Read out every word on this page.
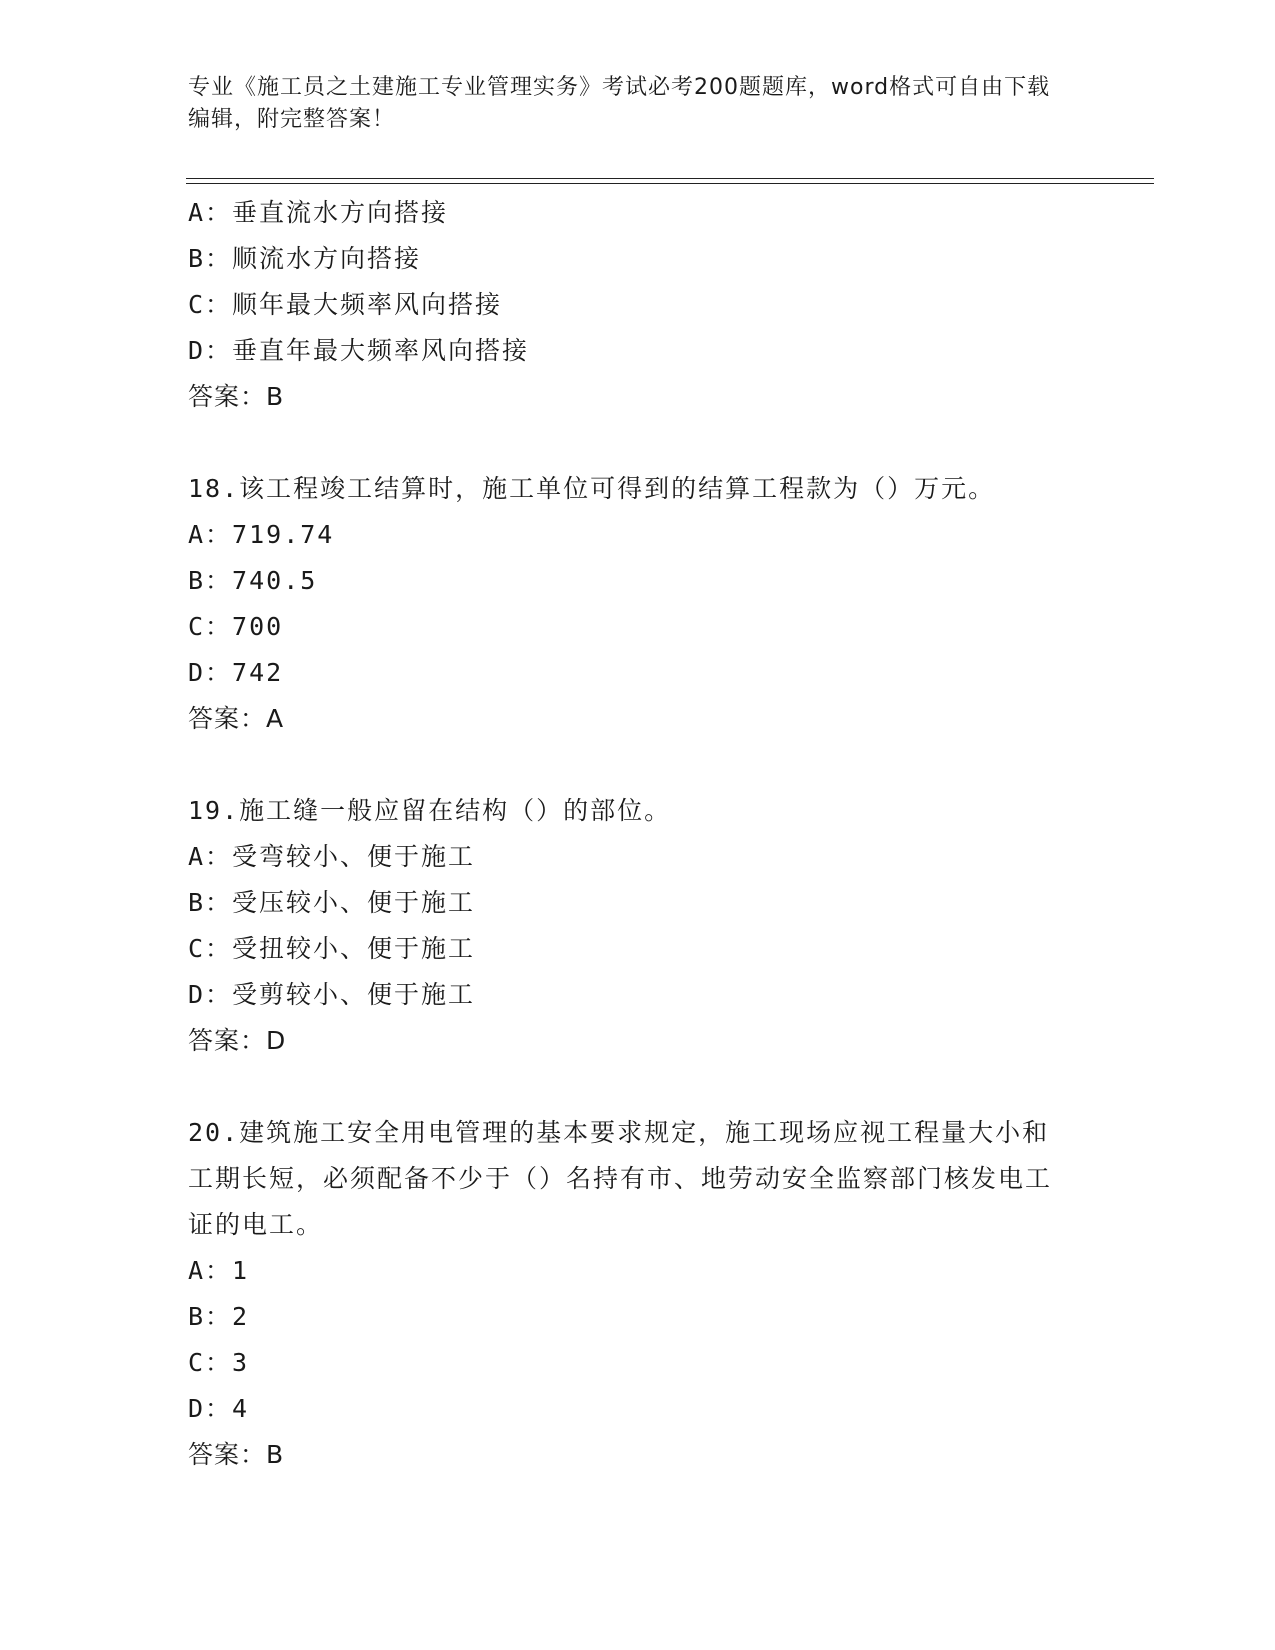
专业《施工员之土建施工专业管理实务》考试必考200题题库，word格式可自由下载编辑，附完整答案！
A：垂直流水方向搭接
B：顺流水方向搭接
C：顺年最大频率风向搭接
D：垂直年最大频率风向搭接
答案：B
18.该工程竣工结算时，施工单位可得到的结算工程款为（）万元。
A：719.74
B：740.5
C：700
D：742
答案：A
19.施工缝一般应留在结构（）的部位。
A：受弯较小、便于施工
B：受压较小、便于施工
C：受扭较小、便于施工
D：受剪较小、便于施工
答案：D
20.建筑施工安全用电管理的基本要求规定，施工现场应视工程量大小和工期长短，必须配备不少于（）名持有市、地劳动安全监察部门核发电工证的电工。
A：1
B：2
C：3
D：4
答案：B
